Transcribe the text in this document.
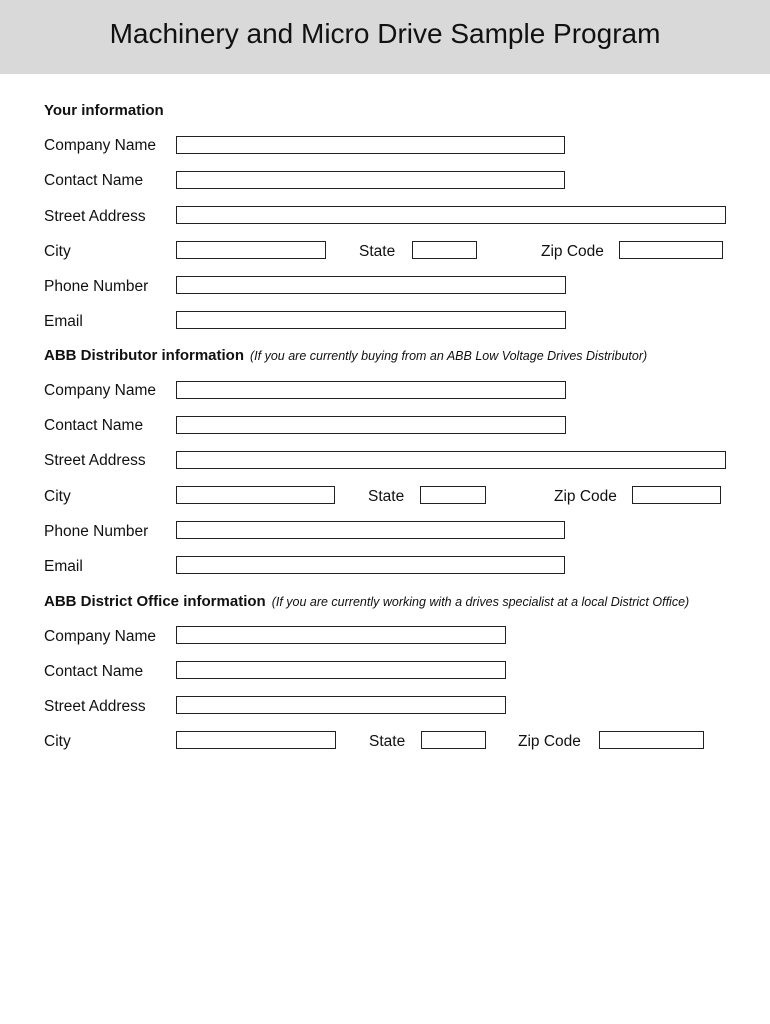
Machinery and Micro Drive Sample Program
Your information
Company Name
Contact Name
Street Address
City	State	Zip Code
Phone Number
Email
ABB Distributor information (If you are currently buying from an ABB Low Voltage Drives Distributor)
Company Name
Contact Name
Street Address
City	State	Zip Code
Phone Number
Email
ABB District Office information (If you are currently working with a drives specialist at a local District Office)
Company Name
Contact Name
Street Address
City	State	Zip Code
